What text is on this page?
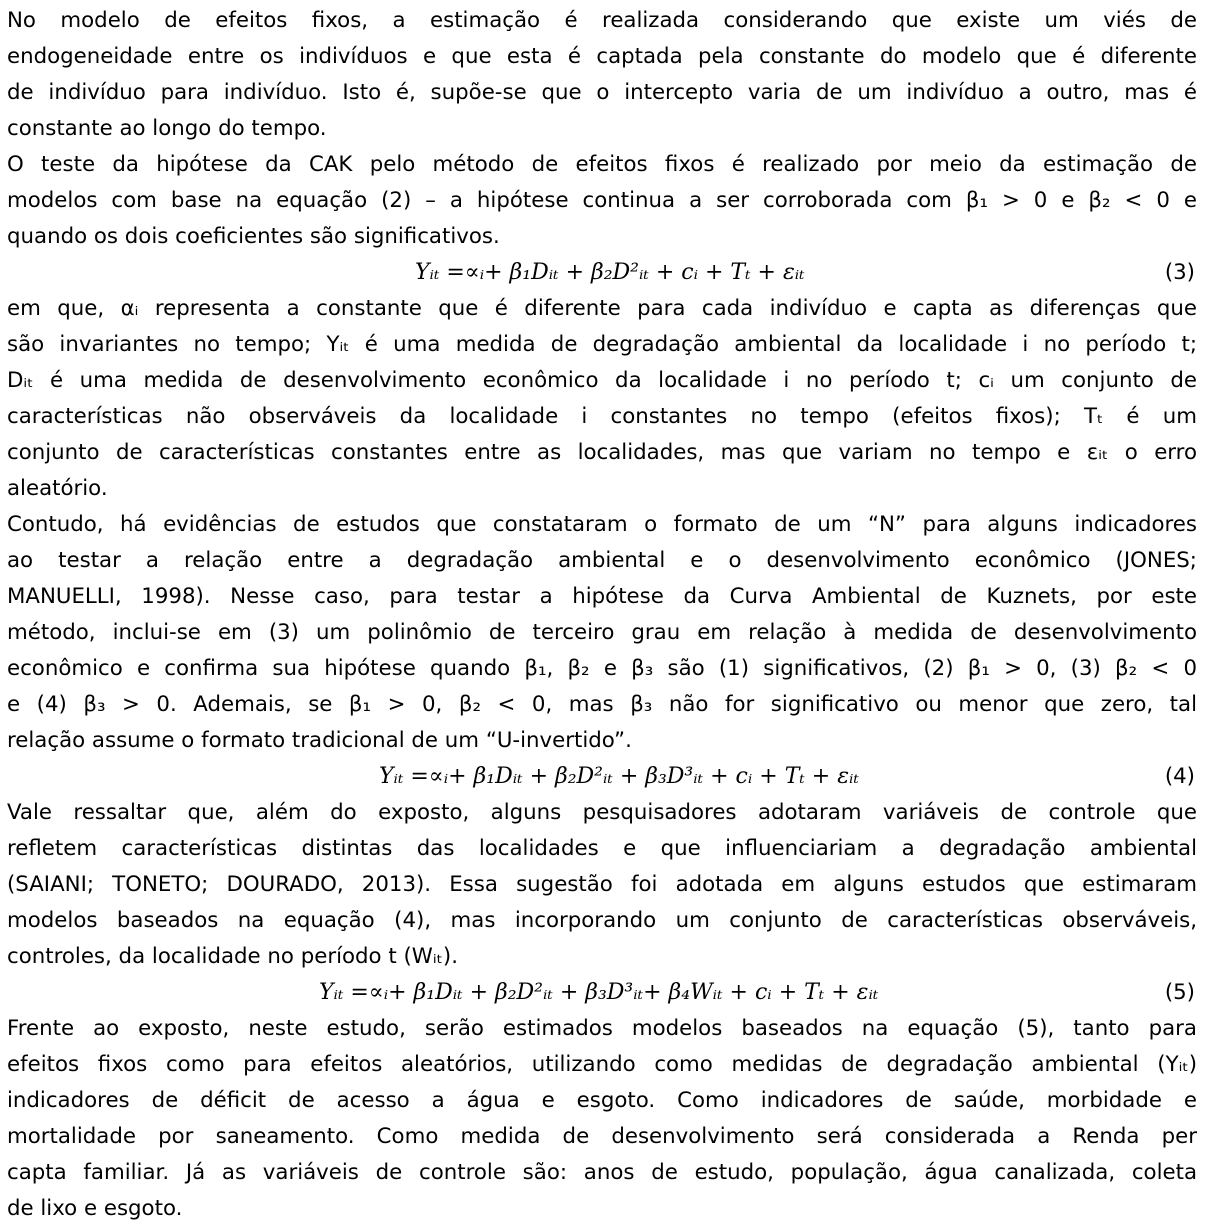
No modelo de efeitos fixos, a estimação é realizada considerando que existe um viés de
endogeneidade entre os indivíduos e que esta é captada pela constante do modelo que é diferente
de indivíduo para indivíduo. Isto é, supõe-se que o intercepto varia de um indivíduo a outro, mas é
constante ao longo do tempo.
O teste da hipótese da CAK pelo método de efeitos fixos é realizado por meio da estimação de
modelos com base na equação (2) – a hipótese continua a ser corroborada com β₁ > 0 e β₂ < 0 e
quando os dois coeficientes são significativos.
Yᵢₜ =∝ᵢ+ β₁Dᵢₜ + β₂D²ᵢₜ + cᵢ + Tₜ + εᵢₜ	(3)
em que, αᵢ representa a constante que é diferente para cada indivíduo e capta as diferenças que
são invariantes no tempo; Yᵢₜ é uma medida de degradação ambiental da localidade i no período t;
Dᵢₜ é uma medida de desenvolvimento econômico da localidade i no período t; cᵢ um conjunto de
características não observáveis da localidade i constantes no tempo (efeitos fixos); Tₜ é um
conjunto de características constantes entre as localidades, mas que variam no tempo e εᵢₜ o erro
aleatório.
Contudo, há evidências de estudos que constataram o formato de um “N” para alguns indicadores
ao testar a relação entre a degradação ambiental e o desenvolvimento econômico (JONES;
MANUELLI, 1998). Nesse caso, para testar a hipótese da Curva Ambiental de Kuznets, por este
método, inclui-se em (3) um polinômio de terceiro grau em relação à medida de desenvolvimento
econômico e confirma sua hipótese quando β₁, β₂ e β₃ são (1) significativos, (2) β₁ > 0, (3) β₂ < 0
e (4) β₃ > 0. Ademais, se β₁ > 0, β₂ < 0, mas β₃ não for significativo ou menor que zero, tal
relação assume o formato tradicional de um “U-invertido”.
Yᵢₜ =∝ᵢ+ β₁Dᵢₜ + β₂D²ᵢₜ + β₃D³ᵢₜ + cᵢ + Tₜ + εᵢₜ	(4)
Vale ressaltar que, além do exposto, alguns pesquisadores adotaram variáveis de controle que
refletem características distintas das localidades e que influenciariam a degradação ambiental
(SAIANI; TONETO; DOURADO, 2013). Essa sugestão foi adotada em alguns estudos que estimaram
modelos baseados na equação (4), mas incorporando um conjunto de características observáveis,
controles, da localidade no período t (Wᵢₜ).
Yᵢₜ =∝ᵢ+ β₁Dᵢₜ + β₂D²ᵢₜ + β₃D³ᵢₜ+ β₄Wᵢₜ + cᵢ + Tₜ + εᵢₜ	(5)
Frente ao exposto, neste estudo, serão estimados modelos baseados na equação (5), tanto para
efeitos fixos como para efeitos aleatórios, utilizando como medidas de degradação ambiental (Yᵢₜ)
indicadores de déficit de acesso a água e esgoto. Como indicadores de saúde, morbidade e
mortalidade por saneamento. Como medida de desenvolvimento será considerada a Renda per
capta familiar. Já as variáveis de controle são: anos de estudo, população, água canalizada, coleta
de lixo e esgoto.
